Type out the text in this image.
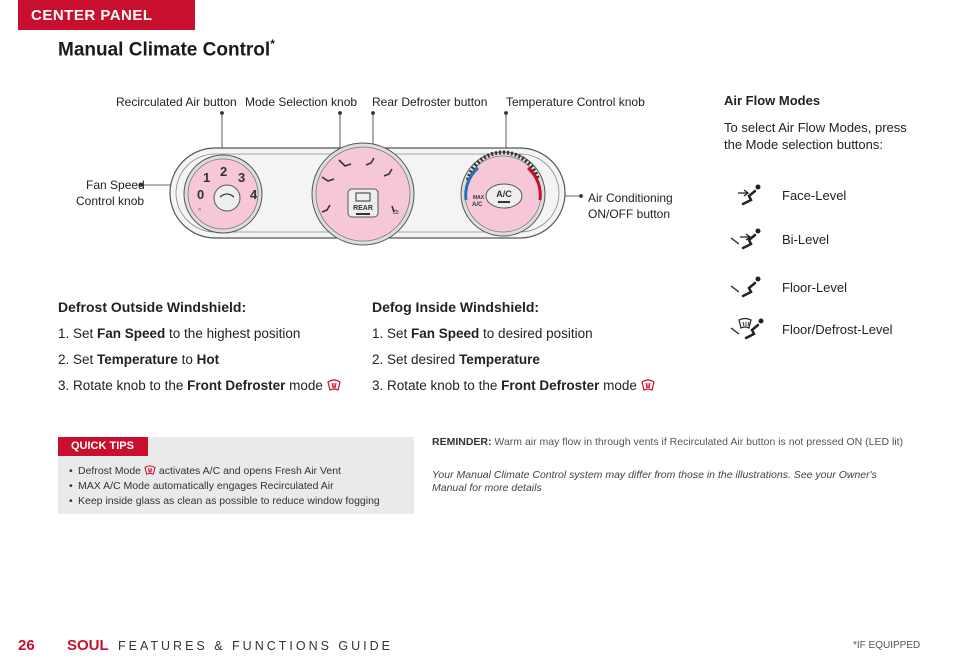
CENTER PANEL
Manual Climate Control*
1 2 3
0	4
▫	REAR ≏
A/C
MAX
A/C
Recirculated Air button Mode Selection knob Rear Defroster button Temperature Control knob
Fan Speed
Control knob	Air Conditioning
ON/OFF button
Air Flow Modes
To select Air Flow Modes, press the Mode selection buttons:
Face-Level
Bi-Level
Floor-Level
Floor/Defrost-Level
Defrost Outside Windshield:
1. Set Fan Speed to the highest position
2. Set Temperature to Hot
3. Rotate knob to the Front Defroster mode
Defog Inside Windshield:
1. Set Fan Speed to desired position
2. Set desired Temperature
3. Rotate knob to the Front Defroster mode
QUICK TIPS
• Defrost Mode  activates A/C and opens Fresh Air Vent
• MAX A/C Mode automatically engages Recirculated Air
• Keep inside glass as clean as possible to reduce window fogging
REMINDER: Warm air may flow in through vents if Recirculated Air button is not pressed ON (LED lit)
Your Manual Climate Control system may differ from those in the illustrations. See your Owner's Manual for more details
26 SOUL FEATURES & FUNCTIONS GUIDE	*IF EQUIPPED
